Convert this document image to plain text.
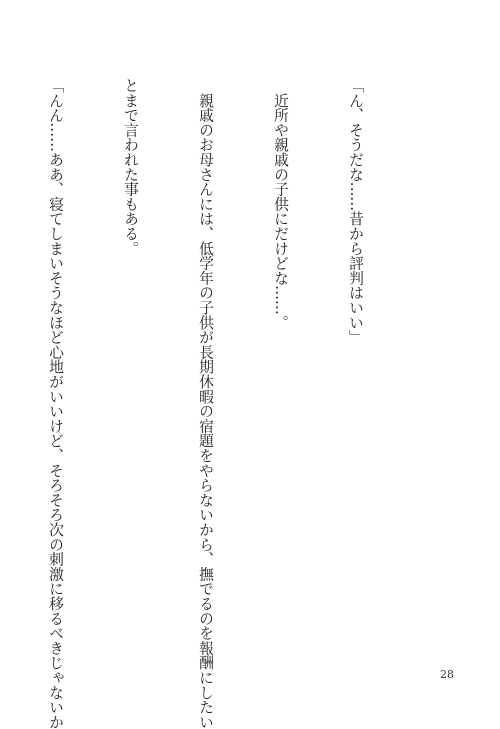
「ん、そうだな……昔から評判はいい」

　近所や親戚の子供にだけどな……。

　親戚のお母さんには、低学年の子供が長期休暇の宿題をやらないから、撫でるのを報酬にしたい

とまで言われた事もある。

「んん……ああ、寝てしまいそうなほど心地がいいけど、そろそろ次の刺激に移るべきじゃないか

	28
